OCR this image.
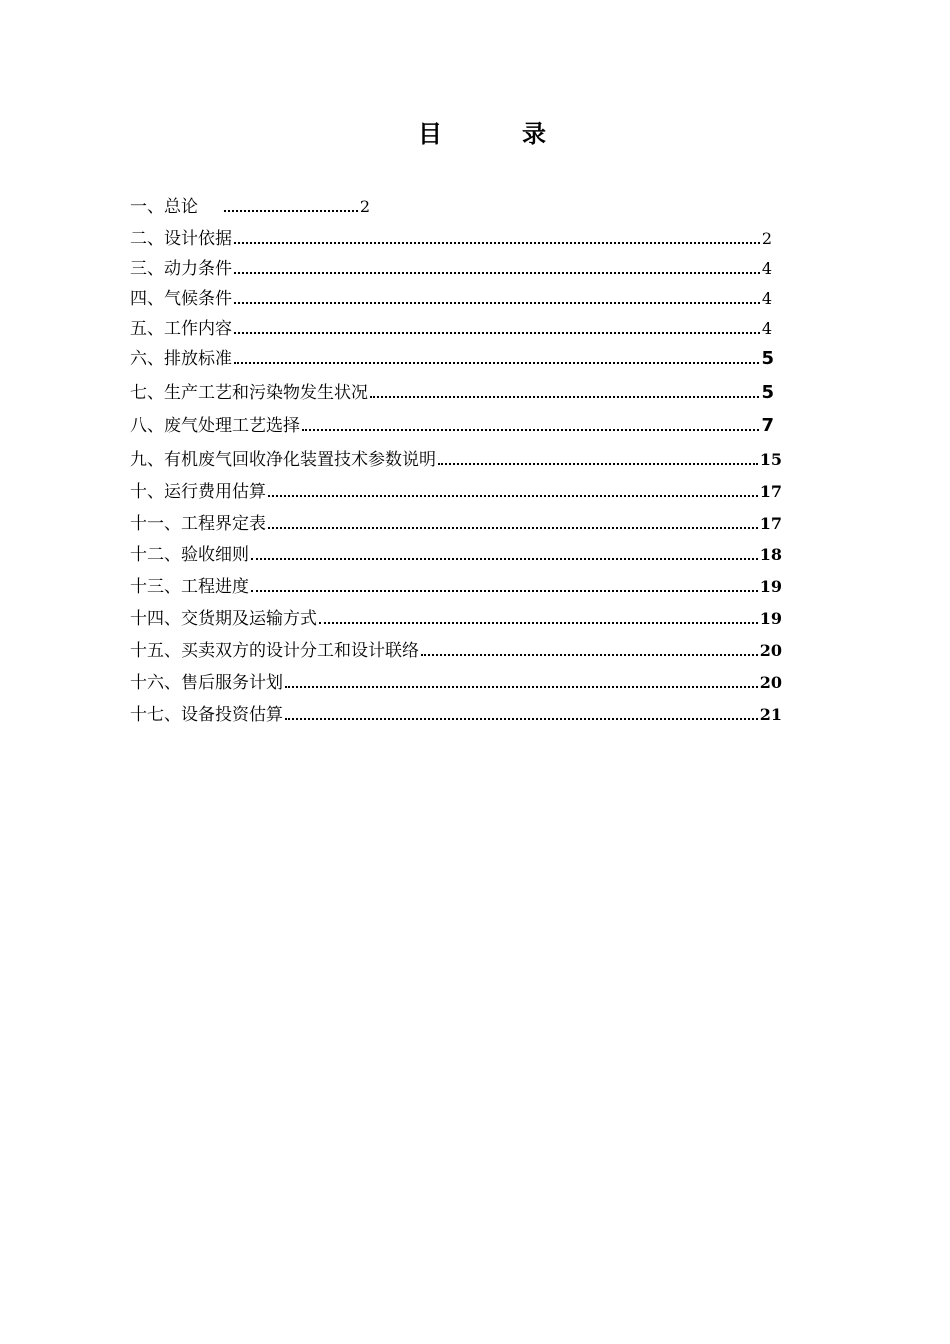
目　录
一、总论	2
二、设计依据	2
三、动力条件	4
四、气候条件	4
五、工作内容	4
六、排放标准	5
七、生产工艺和污染物发生状况	5
八、废气处理工艺选择	7
九、有机废气回收净化装置技术参数说明	15
十、运行费用估算	17
十一、工程界定表	17
十二、验收细则	18
十三、工程进度	19
十四、交货期及运输方式	19
十五、买卖双方的设计分工和设计联络	20
十六、售后服务计划	20
十七、设备投资估算	21
